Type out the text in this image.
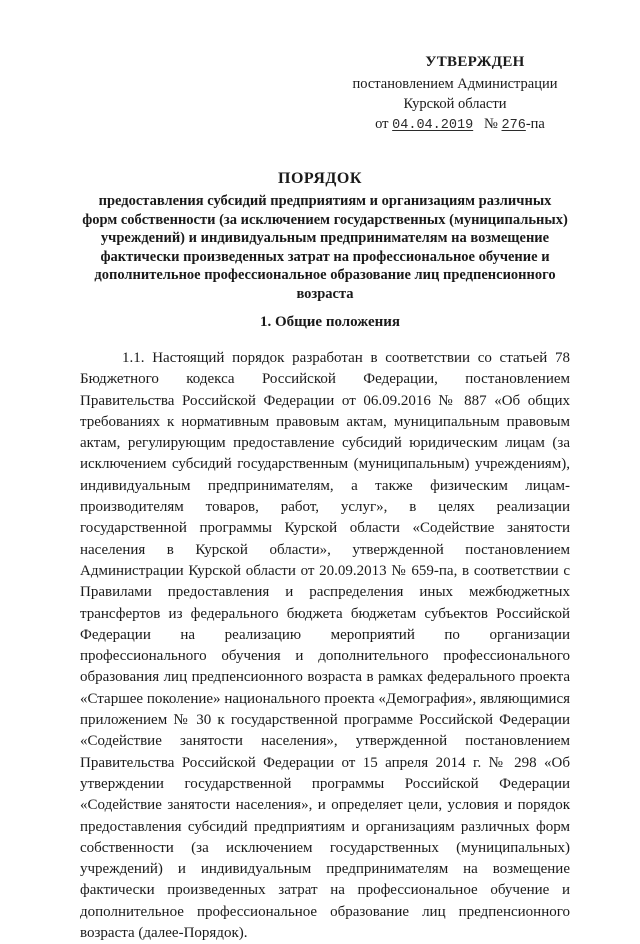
УТВЕРЖДЕН
постановлением Администрации
Курской области
от 04.04.2019 № 276-па
ПОРЯДОК
предоставления субсидий предприятиям и организациям различных форм собственности (за исключением государственных (муниципальных) учреждений) и индивидуальным предпринимателям на возмещение фактически произведенных затрат на профессиональное обучение и дополнительное профессиональное образование лиц предпенсионного возраста
1. Общие положения
1.1. Настоящий порядок разработан в соответствии со статьей 78 Бюджетного кодекса Российской Федерации, постановлением Правительства Российской Федерации от 06.09.2016 № 887 «Об общих требованиях к нормативным правовым актам, муниципальным правовым актам, регулирующим предоставление субсидий юридическим лицам (за исключением субсидий государственным (муниципальным) учреждениям), индивидуальным предпринимателям, а также физическим лицам-производителям товаров, работ, услуг», в целях реализации государственной программы Курской области «Содействие занятости населения в Курской области», утвержденной постановлением Администрации Курской области от 20.09.2013 № 659-па, в соответствии с Правилами предоставления и распределения иных межбюджетных трансфертов из федерального бюджета бюджетам субъектов Российской Федерации на реализацию мероприятий по организации профессионального обучения и дополнительного профессионального образования лиц предпенсионного возраста в рамках федерального проекта «Старшее поколение» национального проекта «Демография», являющимися приложением № 30 к государственной программе Российской Федерации «Содействие занятости населения», утвержденной постановлением Правительства Российской Федерации от 15 апреля 2014 г. № 298 «Об утверждении государственной программы Российской Федерации «Содействие занятости населения», и определяет цели, условия и порядок предоставления субсидий предприятиям и организациям различных форм собственности (за исключением государственных (муниципальных) учреждений) и индивидуальным предпринимателям на возмещение фактически произведенных затрат на профессиональное обучение и дополнительное профессиональное образование лиц предпенсионного возраста (далее-Порядок).
